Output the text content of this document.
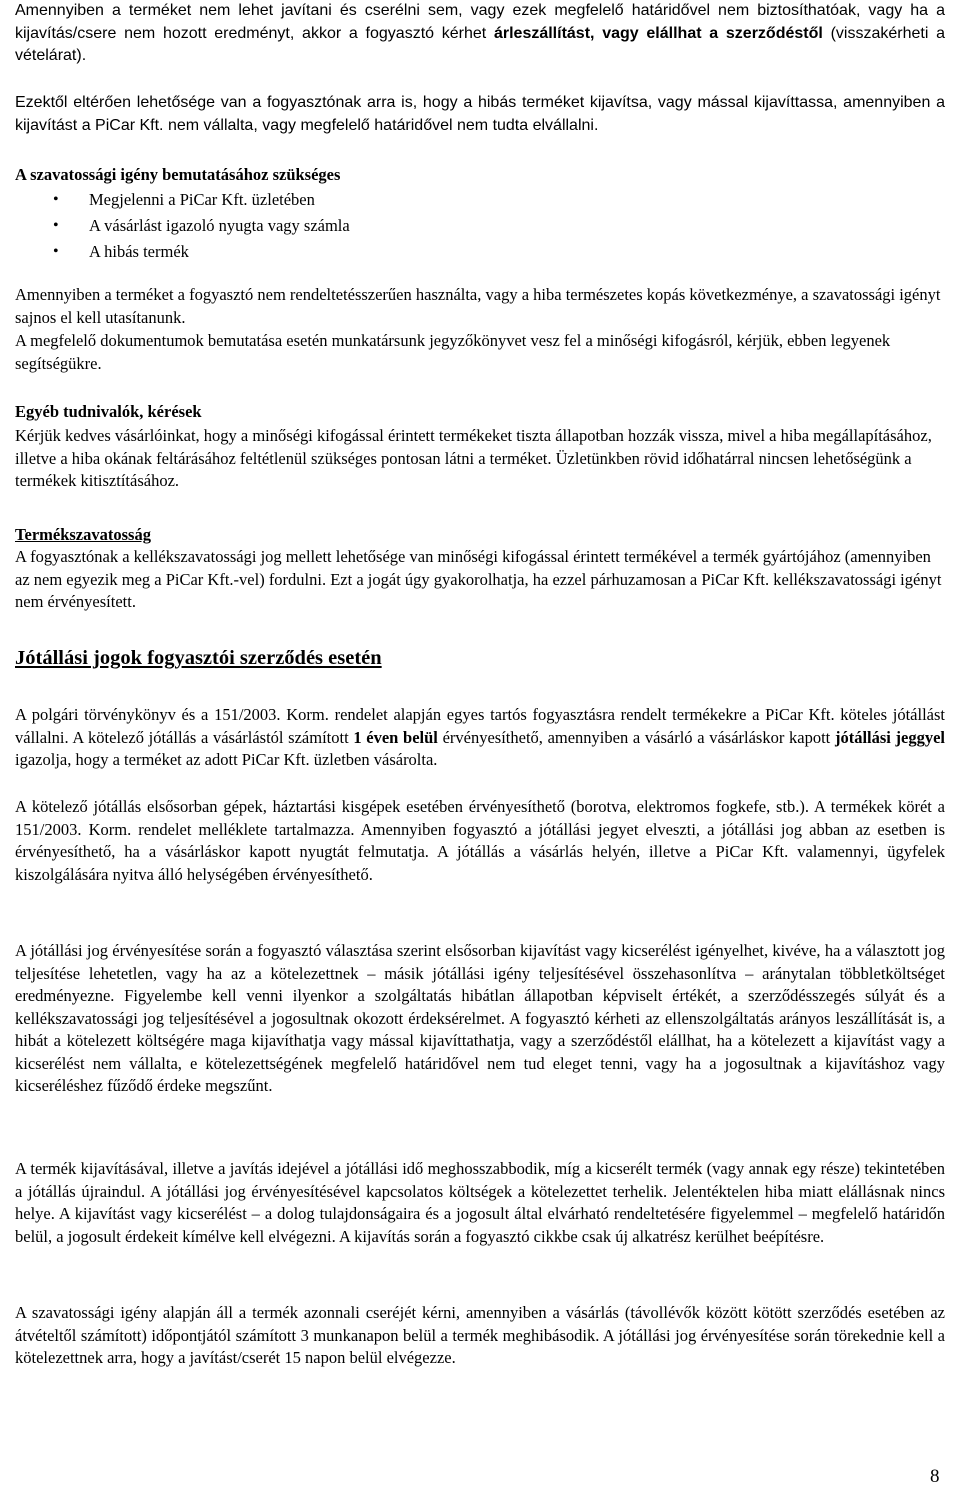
Amennyiben a terméket nem lehet javítani és cserélni sem, vagy ezek megfelelő határidővel nem biztosíthatóak, vagy ha a kijavítás/csere nem hozott eredményt, akkor a fogyasztó kérhet árleszállítást, vagy elállhat a szerződéstől (visszakérheti a vételárat).

Ezektől eltérően lehetősége van a fogyasztónak arra is, hogy a hibás terméket kijavítsa, vagy mással kijavíttassa, amennyiben a kijavítást a PiCar Kft. nem vállalta, vagy megfelelő határidővel nem tudta elvállalni.

A szavatossági igény bemutatásához szükséges
• Megjelenni a PiCar Kft. üzletében
• A vásárlást igazoló nyugta vagy számla
• A hibás termék

Amennyiben a terméket a fogyasztó nem rendeltetésszerűen használta, vagy a hiba természetes kopás következménye, a szavatossági igényt sajnos el kell utasítanunk.

A megfelelő dokumentumok bemutatása esetén munkatársunk jegyzőkönyvet vesz fel a minőségi kifogásról, kérjük, ebben legyenek segítségükre.

Egyéb tudnivalók, kérések

Kérjük kedves vásárlóinkat, hogy a minőségi kifogással érintett termékeket tiszta állapotban hozzák vissza, mivel a hiba megállapításához, illetve a hiba okának feltárásához feltétlenül szükséges pontosan látni a terméket. Üzletünkben rövid időhatárral nincsen lehetőségünk a termékek kitisztításához.

Termékszavatosság

A fogyasztónak a kellékszavatossági jog mellett lehetősége van minőségi kifogással érintett termékével a termék gyártójához (amennyiben az nem egyezik meg a PiCar Kft.-vel) fordulni. Ezt a jogát úgy gyakorolhatja, ha ezzel párhuzamosan a PiCar Kft. kellékszavatossági igényt nem érvényesített.

Jótállási jogok fogyasztói szerződés esetén

A polgári törvénykönyv és a 151/2003. Korm. rendelet alapján egyes tartós fogyasztásra rendelt termékekre a PiCar Kft. köteles jótállást vállalni. A kötelező jótállás a vásárlástól számított 1 éven belül érvényesíthető, amennyiben a vásárló a vásárláskor kapott jótállási jeggyel igazolja, hogy a terméket az adott PiCar Kft. üzletben vásárolta.

A kötelező jótállás elsősorban gépek, háztartási kisgépek esetében érvényesíthető (borotva, elektromos fogkefe, stb.). A termékek körét a 151/2003. Korm. rendelet melléklete tartalmazza. Amennyiben fogyasztó a jótállási jegyet elveszti, a jótállási jog abban az esetben is érvényesíthető, ha a vásárláskor kapott nyugtát felmutatja. A jótállás a vásárlás helyén, illetve a PiCar Kft. valamennyi, ügyfelek kiszolgálására nyitva álló helységében érvényesíthető.

A jótállási jog érvényesítése során a fogyasztó választása szerint elsősorban kijavítást vagy kicserélést igényelhet, kivéve, ha a választott jog teljesítése lehetetlen, vagy ha az a kötelezettnek – másik jótállási igény teljesítésével összehasonlítva – aránytalan többletköltséget eredményezne. Figyelembe kell venni ilyenkor a szolgáltatás hibátlan állapotban képviselt értékét, a szerződésszegés súlyát és a kellékszavatossági jog teljesítésével a jogosultnak okozott érdeksérelmet. A fogyasztó kérheti az ellenszolgáltatás arányos leszállítását is, a hibát a kötelezett költségére maga kijavíthatja vagy mással kijavíttathatja, vagy a szerződéstől elállhat, ha a kötelezett a kijavítást vagy a kicserélést nem vállalta, e kötelezettségének megfelelő határidővel nem tud eleget tenni, vagy ha a jogosultnak a kijavításhoz vagy kicseréléshez fűződő érdeke megszűnt.

A termék kijavításával, illetve a javítás idejével a jótállási idő meghosszabbodik, míg a kicserélt termék (vagy annak egy része) tekintetében a jótállás újraindul. A jótállási jog érvényesítésével kapcsolatos költségek a kötelezettet terhelik. Jelentéktelen hiba miatt elállásnak nincs helye. A kijavítást vagy kicserélést – a dolog tulajdonságaira és a jogosult által elvárható rendeltetésére figyelemmel – megfelelő határidőn belül, a jogosult érdekeit kímélve kell elvégezni. A kijavítás során a fogyasztó cikkbe csak új alkatrész kerülhet beépítésre.

A szavatossági igény alapján áll a termék azonnali cseréjét kérni, amennyiben a vásárlás (távollévők között kötött szerződés esetében az átvételtől számított) időpontjától számított 3 munkanapon belül a termék meghibásodik. A jótállási jog érvényesítése során törekednie kell a kötelezettnek arra, hogy a javítást/cserét 15 napon belül elvégezze.

8
